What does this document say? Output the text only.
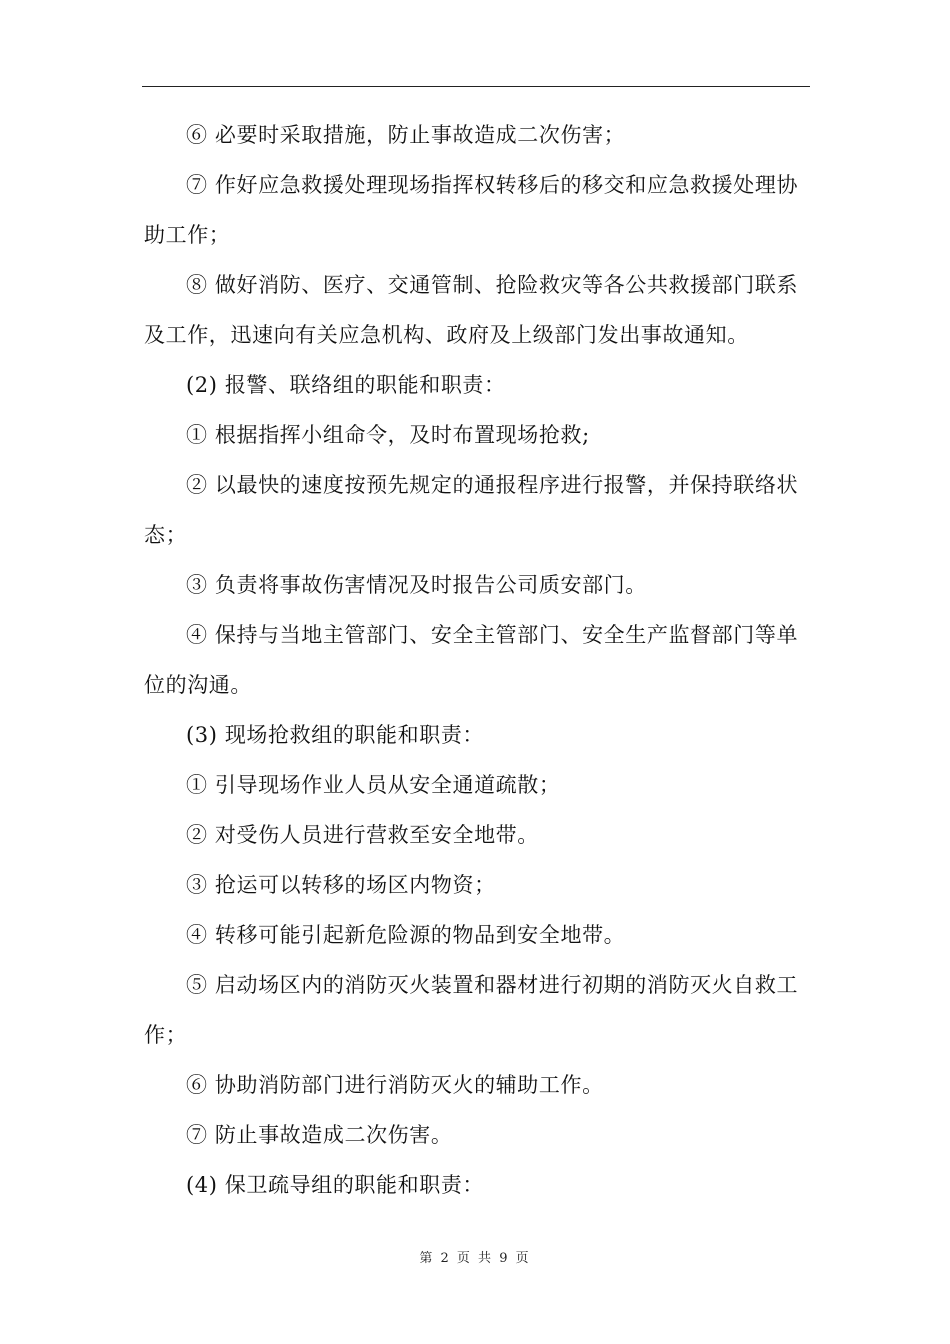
⑥ 必要时采取措施，防止事故造成二次伤害；

⑦ 作好应急救援处理现场指挥权转移后的移交和应急救援处理协助工作；

⑧ 做好消防、医疗、交通管制、抢险救灾等各公共救援部门联系及工作，迅速向有关应急机构、政府及上级部门发出事故通知。

(2) 报警、联络组的职能和职责：

① 根据指挥小组命令，及时布置现场抢救;

② 以最快的速度按预先规定的通报程序进行报警，并保持联络状态；

③ 负责将事故伤害情况及时报告公司质安部门。

④ 保持与当地主管部门、安全主管部门、安全生产监督部门等单位的沟通。

(3) 现场抢救组的职能和职责：

① 引导现场作业人员从安全通道疏散；

② 对受伤人员进行营救至安全地带。

③ 抢运可以转移的场区内物资；

④ 转移可能引起新危险源的物品到安全地带。

⑤ 启动场区内的消防灭火装置和器材进行初期的消防灭火自救工作；

⑥ 协助消防部门进行消防灭火的辅助工作。

⑦ 防止事故造成二次伤害。

(4) 保卫疏导组的职能和职责：

第 2 页 共 9 页
